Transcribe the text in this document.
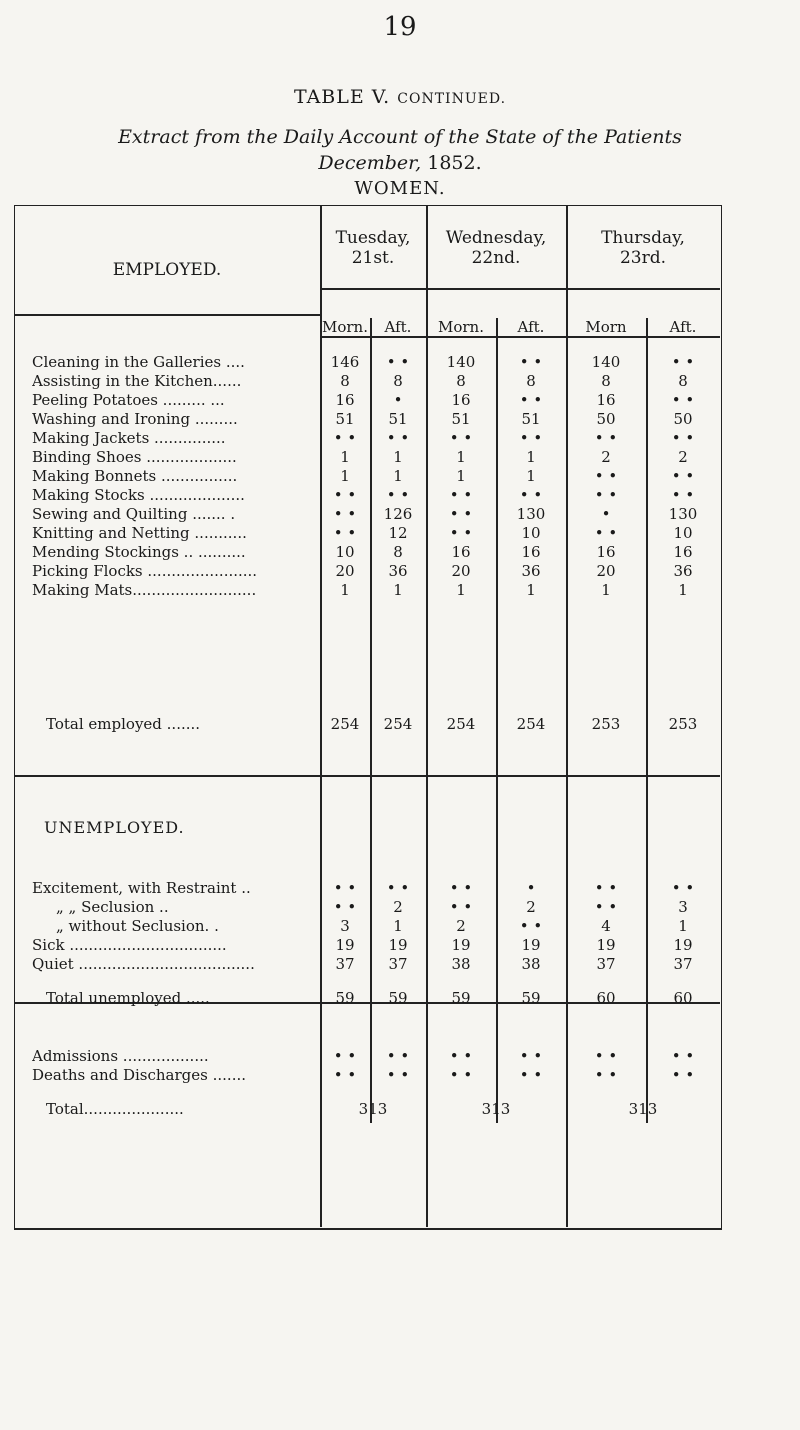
19
TABLE V. CONTINUED.
Extract from the Daily Account of the State of the Patients
December, 1852.
WOMEN.
EMPLOYED.
Tuesday,
21st.
Wednesday,
22nd.
Thursday,
23rd.
Morn.	Aft.	Morn.	Aft.	Morn	Aft.
UNEMPLOYED.
Cleaning in the Galleries ....	146	• •	140	• •	140	• •
Assisting in the Kitchen......	8	8	8	8	8	8
Peeling Potatoes ......... ...	16	•	16	• •	16	• •
Washing and Ironing .........	51	51	51	51	50	50
Making Jackets ...............	• •	• •	• •	• •	• •	• •
Binding Shoes ...................	1	1	1	1	2	2
Making Bonnets ................	1	1	1	1	• •	• •
Making Stocks ....................	• •	• •	• •	• •	• •	• •
Sewing and Quilting ....... .	• •	126	• •	130	•	130
Knitting and Netting ...........	• •	12	• •	10	• •	10
Mending Stockings .. ..........	10	8	16	16	16	16
Picking Flocks .......................	20	36	20	36	20	36
Making Mats..........................	1	1	1	1	1	1
Total employed .......	254	254	254	254	253	253
Excitement, with Restraint ..	• •	• •	• •	•	• •	• •
„ „ Seclusion ..	• •	2	• •	2	• •	3
„ without Seclusion. .	3	1	2	• •	4	1
Sick .................................	19	19	19	19	19	19
Quiet .....................................	37	37	38	38	37	37
Total unemployed .....	59	59	59	59	60	60
Admissions ..................	• •	• •	• •	• •	• •	• •
Deaths and Discharges .......	• •	• •	• •	• •	• •	• •
Total.....................	313	313	313
